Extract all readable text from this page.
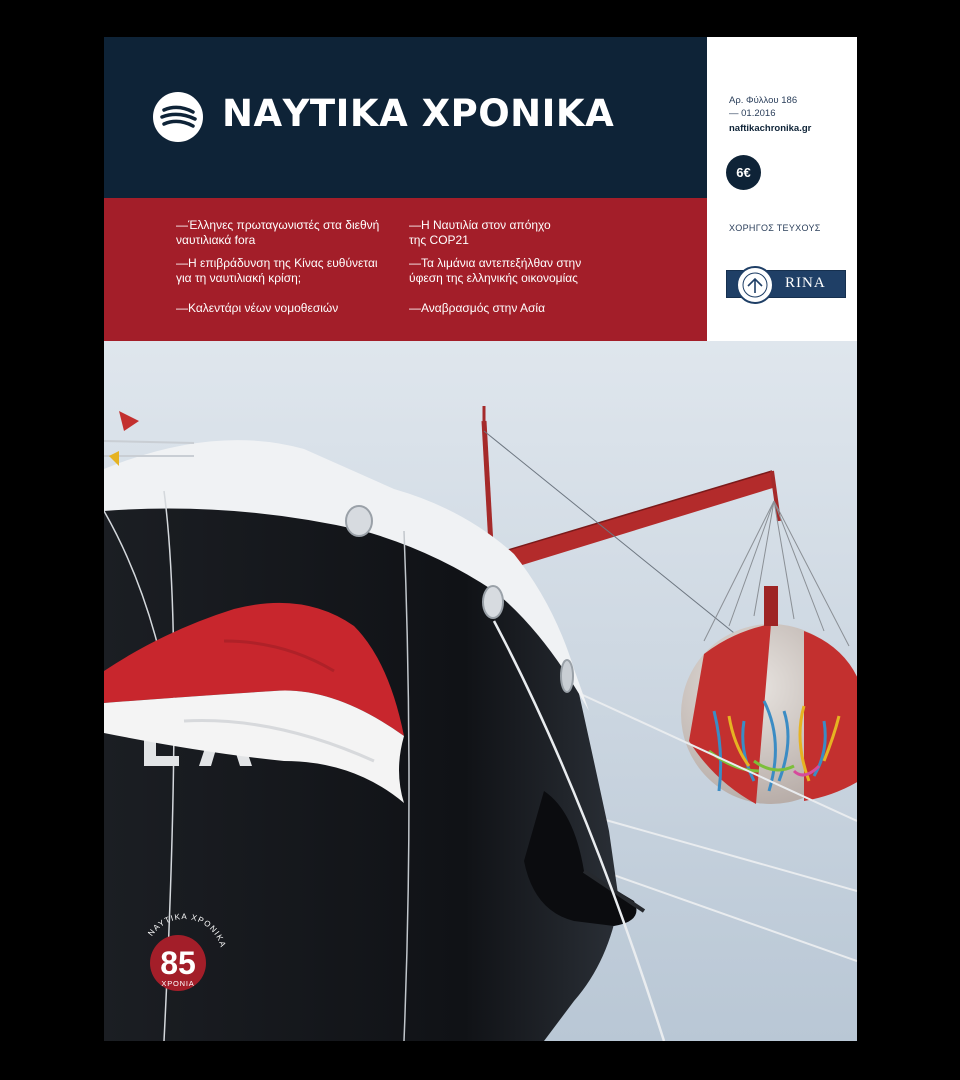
ΝΑΥΤΙΚΑ ΧΡΟΝΙΚΑ	Αρ. Φύλλου 186
— 01.2016
naftikachronika.gr
6€
ΧΟΡΗΓΟΣ ΤΕΥΧΟΥΣ
RINA
—Έλληνες πρωταγωνιστές στα διεθνή
ναυτιλιακά fora
—Η επιβράδυνση της Κίνας ευθύνεται
για τη ναυτιλιακή κρίση;
—Καλεντάρι νέων νομοθεσιών
—Η Ναυτιλία στον απόηχο
της COP21
—Τα λιμάνια αντεπεξήλθαν στην
ύφεση της ελληνικής οικονομίας
—Αναβρασμός στην Ασία
ΝΑΥΤΙΚΑ ΧΡΟΝΙΚΑ
85
ΧΡΟΝΙΑ
